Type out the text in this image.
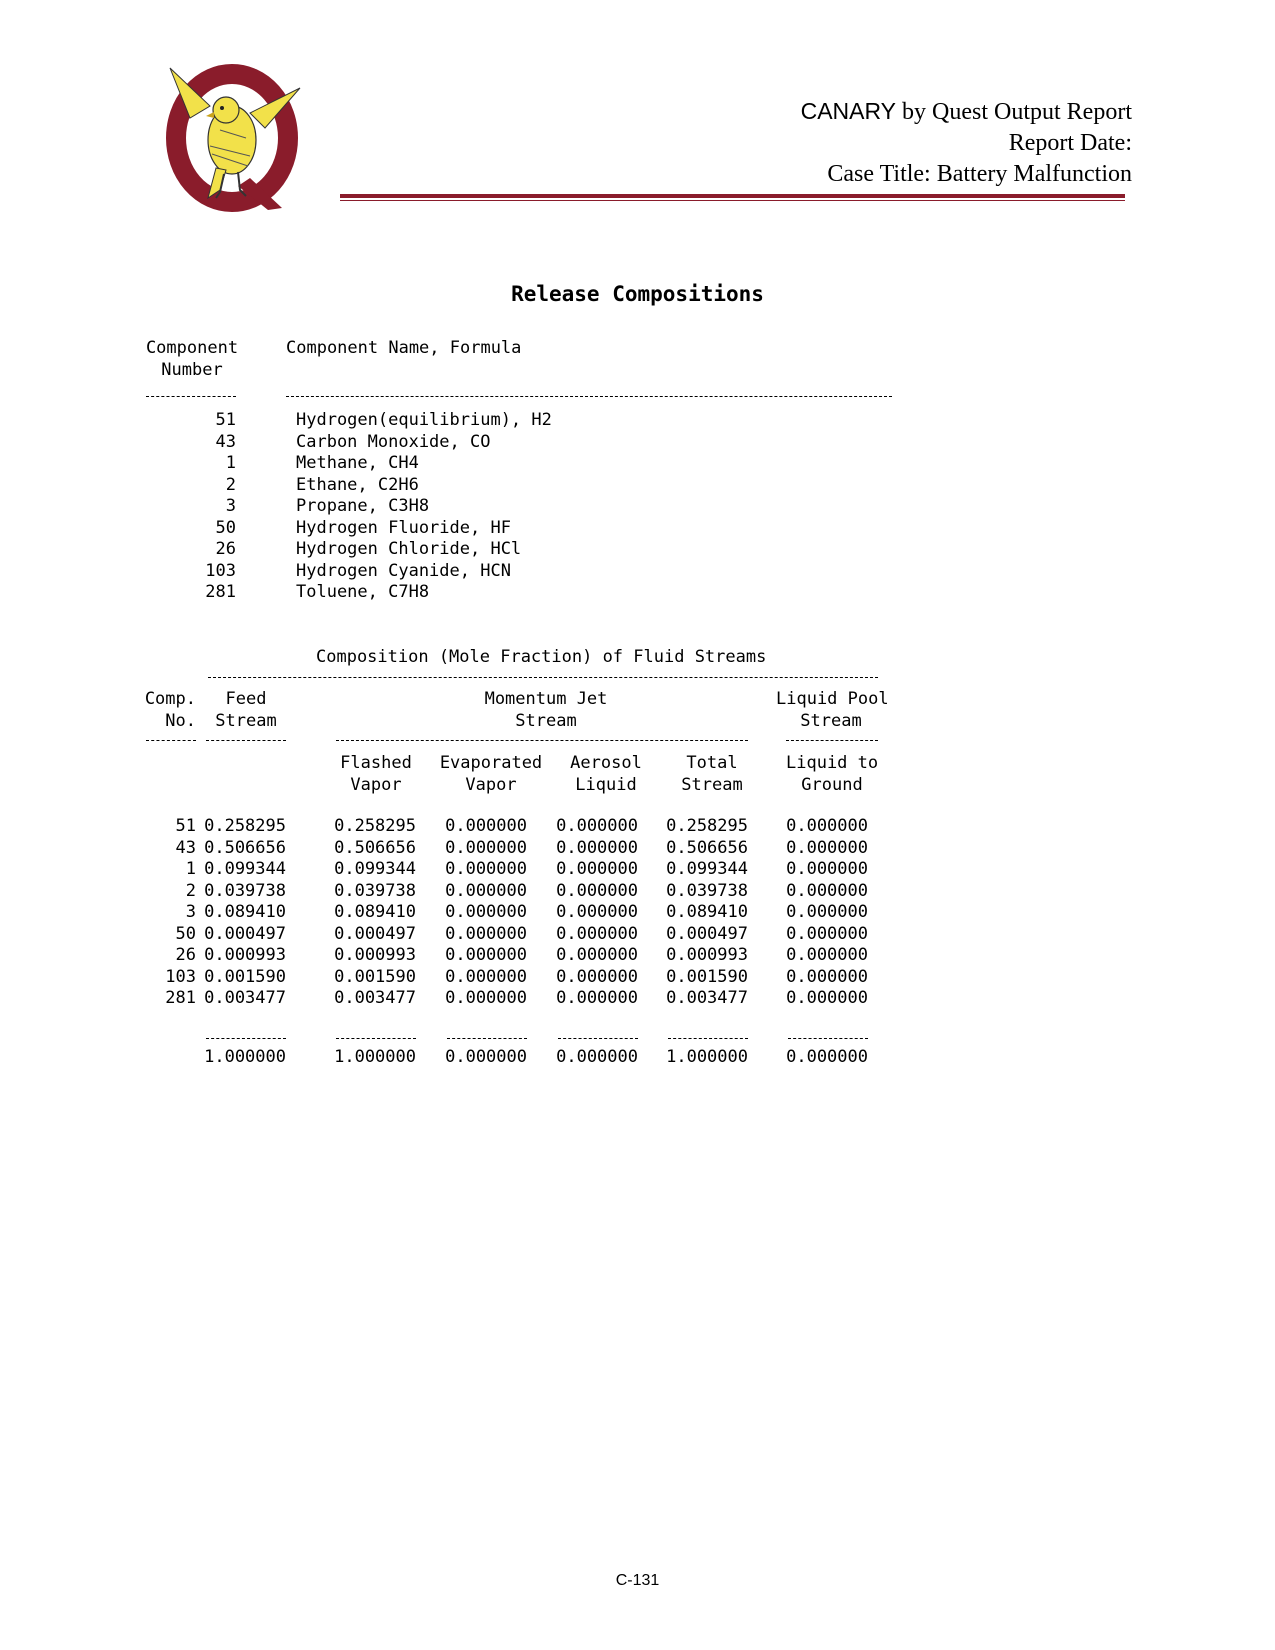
CANARY by Quest Output Report
Report Date:
Case Title: Battery Malfunction
Release Compositions
Component
Number
Component Name, Formula
51	Hydrogen(equilibrium), H2
43	Carbon Monoxide, CO
1	Methane, CH4
2	Ethane, C2H6
3	Propane, C3H8
50	Hydrogen Fluoride, HF
26	Hydrogen Chloride, HCl
103	Hydrogen Cyanide, HCN
281	Toluene, C7H8
Composition (Mole Fraction) of Fluid Streams
Comp.
No.
Feed
Stream
Momentum Jet
Stream
Liquid Pool
Stream
Flashed
Vapor
Evaporated
Vapor
Aerosol
Liquid
Total
Stream
Liquid to
Ground
51 0.258295	0.258295 0.000000 0.000000 0.258295 0.000000
43 0.506656	0.506656 0.000000 0.000000 0.506656 0.000000
1 0.099344	0.099344 0.000000 0.000000 0.099344 0.000000
2 0.039738	0.039738 0.000000 0.000000 0.039738 0.000000
3 0.089410	0.089410 0.000000 0.000000 0.089410 0.000000
50 0.000497	0.000497 0.000000 0.000000 0.000497 0.000000
26 0.000993	0.000993 0.000000 0.000000 0.000993 0.000000
103 0.001590	0.001590 0.000000 0.000000 0.001590 0.000000
281 0.003477	0.003477 0.000000 0.000000 0.003477 0.000000
1.000000	1.000000 0.000000 0.000000 1.000000 0.000000
C-131
